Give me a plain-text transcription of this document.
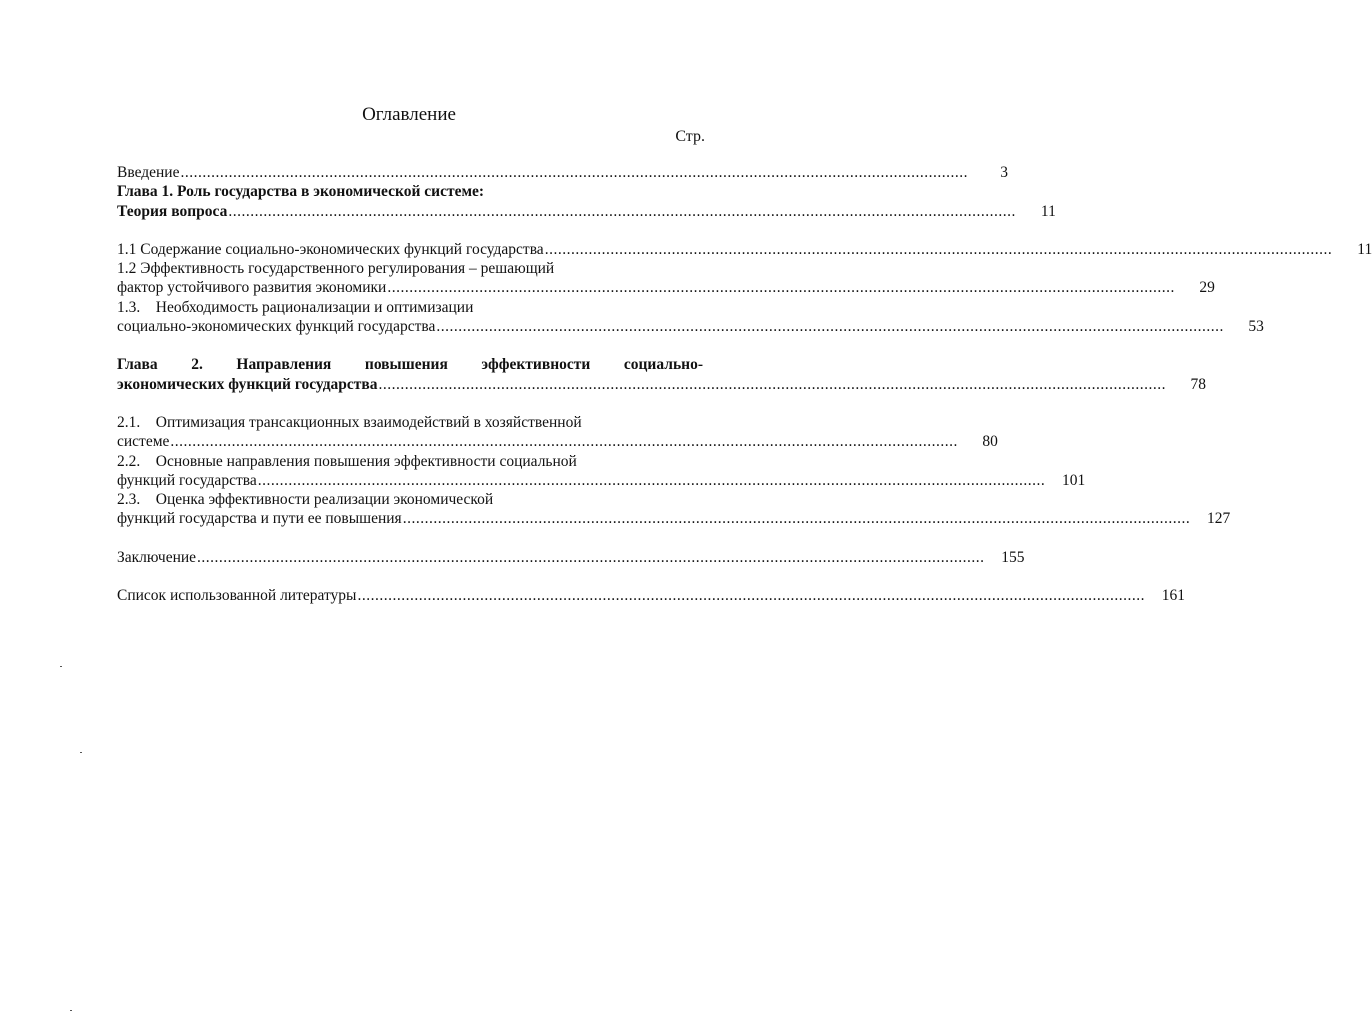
Оглавление
Стр.
Введение ....................................................................................................................................................................................	3
Глава 1. Роль государства в экономической системе:
Теория вопроса ....................................................................................................................................................................................	11
1.1 Содержание социально-экономических функций государства ....................................................................................................................................................................................	11
1.2 Эффективность государственного регулирования – решающий
фактор устойчивого развития экономики ....................................................................................................................................................................................	29
1.3.    Необходимость рационализации и оптимизации
социально-экономических функций государства ....................................................................................................................................................................................	53
Глава 2. Направления повышения эффективности социально-
экономических функций государства ....................................................................................................................................................................................	78
2.1.    Оптимизация трансакционных взаимодействий в хозяйственной
системе ....................................................................................................................................................................................	80
2.2.    Основные направления повышения эффективности социальной
функций государства ....................................................................................................................................................................................	101
2.3.    Оценка эффективности реализации экономической
функций государства и пути ее повышения ....................................................................................................................................................................................	127
Заключение ....................................................................................................................................................................................	155
Список использованной литературы ....................................................................................................................................................................................	161
